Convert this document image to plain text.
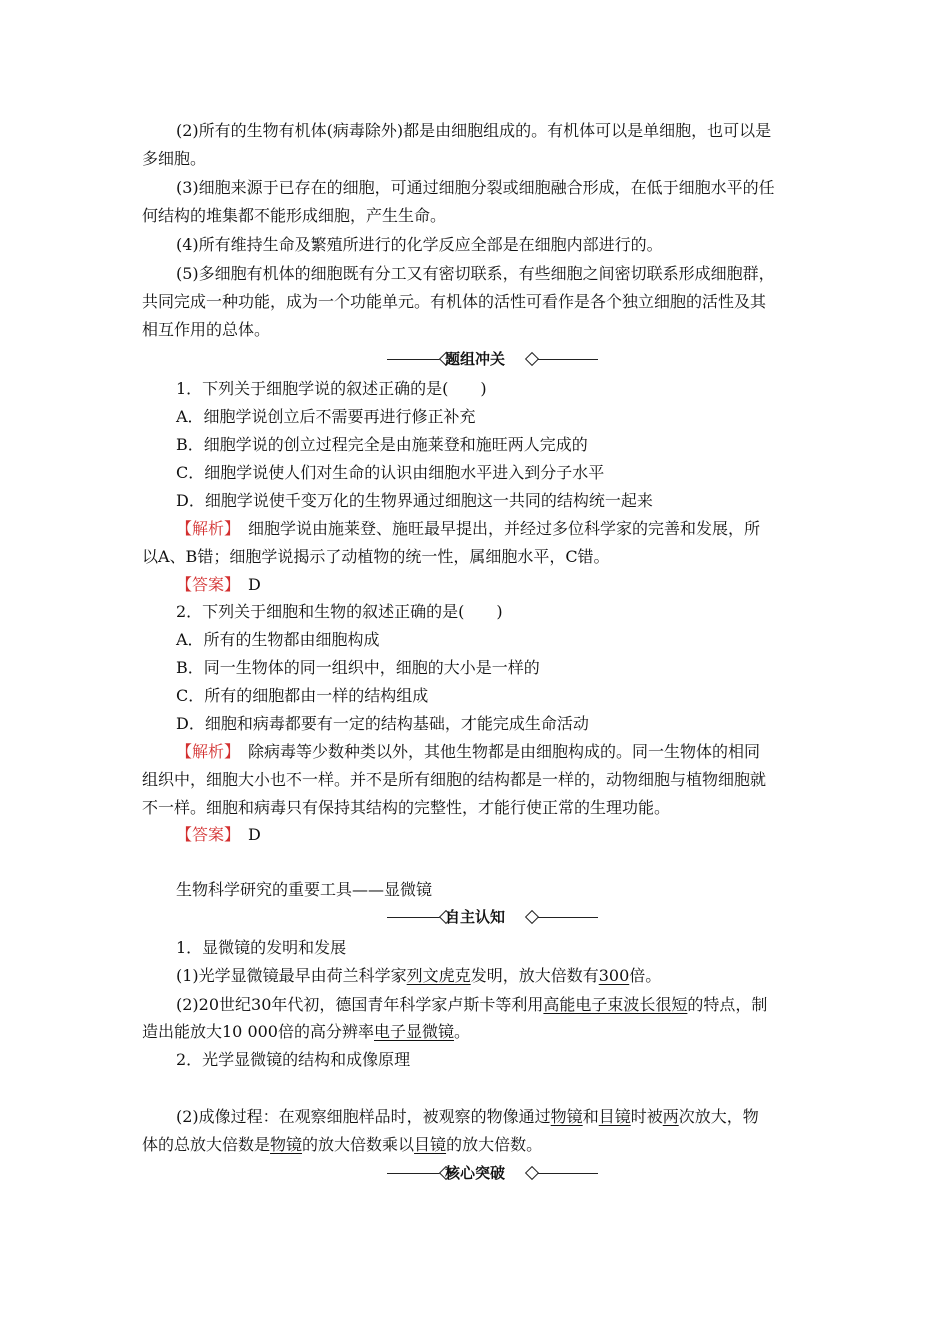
(2)所有的生物有机体(病毒除外)都是由细胞组成的。有机体可以是单细胞，也可以是
多细胞。
(3)细胞来源于已存在的细胞，可通过细胞分裂或细胞融合形成，在低于细胞水平的任
何结构的堆集都不能形成细胞，产生生命。
(4)所有维持生命及繁殖所进行的化学反应全部是在细胞内部进行的。
(5)多细胞有机体的细胞既有分工又有密切联系，有些细胞之间密切联系形成细胞群，
共同完成一种功能，成为一个功能单元。有机体的活性可看作是各个独立细胞的活性及其
相互作用的总体。
题组冲关
1．下列关于细胞学说的叙述正确的是(　　)
A．细胞学说创立后不需要再进行修正补充
B．细胞学说的创立过程完全是由施莱登和施旺两人完成的
C．细胞学说使人们对生命的认识由细胞水平进入到分子水平
D．细胞学说使千变万化的生物界通过细胞这一共同的结构统一起来
【解析】　细胞学说由施莱登、施旺最早提出，并经过多位科学家的完善和发展，所
以A、B错；细胞学说揭示了动植物的统一性，属细胞水平，C错。
【答案】　D
2．下列关于细胞和生物的叙述正确的是(　　)
A．所有的生物都由细胞构成
B．同一生物体的同一组织中，细胞的大小是一样的
C．所有的细胞都由一样的结构组成
D．细胞和病毒都要有一定的结构基础，才能完成生命活动
【解析】　除病毒等少数种类以外，其他生物都是由细胞构成的。同一生物体的相同
组织中，细胞大小也不一样。并不是所有细胞的结构都是一样的，动物细胞与植物细胞就
不一样。细胞和病毒只有保持其结构的完整性，才能行使正常的生理功能。
【答案】　D
生物科学研究的重要工具——显微镜
自主认知
1．显微镜的发明和发展
(1)光学显微镜最早由荷兰科学家列文虎克发明，放大倍数有300倍。
(2)20世纪30年代初，德国青年科学家卢斯卡等利用高能电子束波长很短的特点，制
造出能放大10 000倍的高分辨率电子显微镜。
2．光学显微镜的结构和成像原理
(2)成像过程：在观察细胞样品时，被观察的物像通过物镜和目镜时被两次放大，物
体的总放大倍数是物镜的放大倍数乘以目镜的放大倍数。
核心突破
